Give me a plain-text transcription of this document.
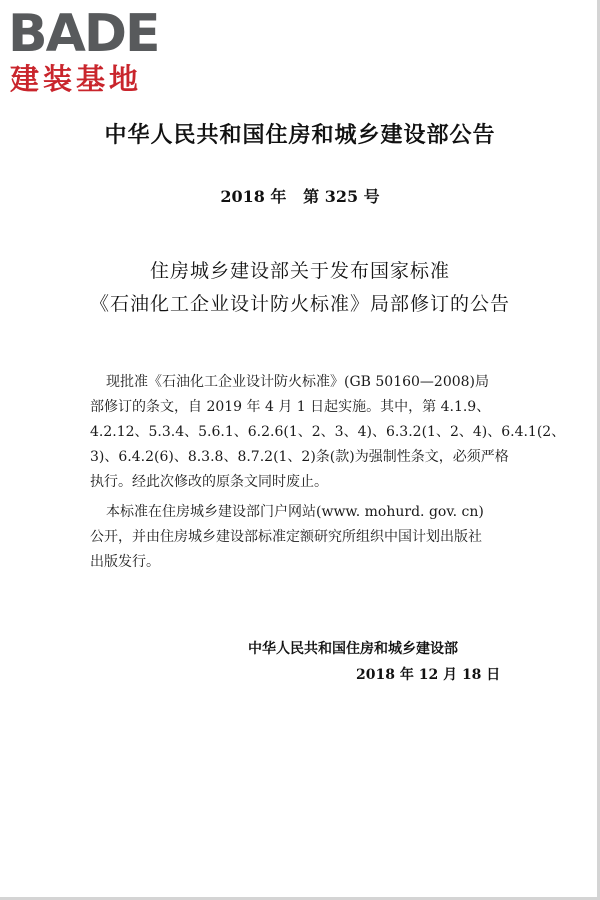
BADE
建装基地
中华人民共和国住房和城乡建设部公告
2018 年   第 325 号
住房城乡建设部关于发布国家标准
《石油化工企业设计防火标准》局部修订的公告
现批准《石油化工企业设计防火标准》(GB 50160—2008)局
部修订的条文，自 2019 年 4 月 1 日起实施。其中，第 4.1.9、
4.2.12、5.3.4、5.6.1、6.2.6(1、2、3、4)、6.3.2(1、2、4)、6.4.1(2、
3)、6.4.2(6)、8.3.8、8.7.2(1、2)条(款)为强制性条文，必须严格
执行。经此次修改的原条文同时废止。
本标准在住房城乡建设部门户网站(www. mohurd. gov. cn)
公开，并由住房城乡建设部标准定额研究所组织中国计划出版社
出版发行。
中华人民共和国住房和城乡建设部
2018 年 12 月 18 日
